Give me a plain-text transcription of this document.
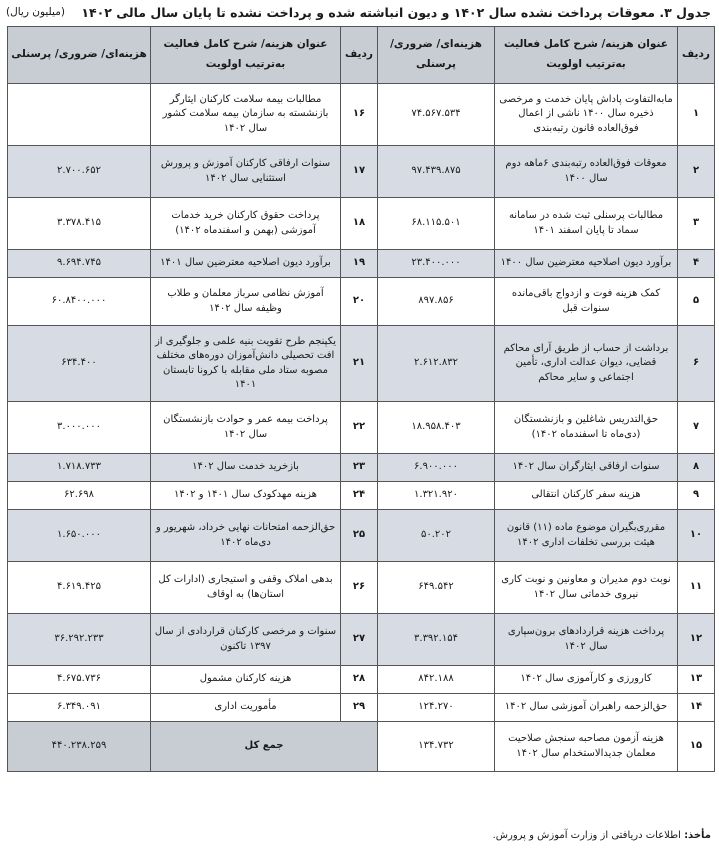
جدول ۳. معوقات پرداخت نشده سال ۱۴۰۲ و دیون انباشته شده و پرداخت نشده تا پایان سال مالی ۱۴۰۲
(میلیون ریال)
ردیف	عنوان هزینه/ شرح کامل فعالیت به‌ترتیب اولویت	هزینه‌ای/ ضروری/ پرسنلی	ردیف	عنوان هزینه/ شرح کامل فعالیت به‌ترتیب اولویت	هزینه‌ای/ ضروری/ پرسنلی
۱	مابه‌التفاوت پاداش پایان خدمت و مرخصی ذخیره سال ۱۴۰۰ ناشی از اعمال فوق‌العاده قانون رتبه‌بندی	۷۴.۵۶۷.۵۳۴	۱۶	مطالبات بیمه سلامت کارکنان ایثارگر بازنشسته به سازمان بیمه سلامت کشور سال ۱۴۰۲	
۲	معوقات فوق‌العاده رتبه‌بندی ۶ماهه دوم سال ۱۴۰۰	۹۷.۴۳۹.۸۷۵	۱۷	سنوات ارفاقی کارکنان آموزش و پرورش استثنایی سال ۱۴۰۲	۲.۷۰۰.۶۵۲
۳	مطالبات پرسنلی ثبت شده در سامانه سماد تا پایان اسفند ۱۴۰۱	۶۸.۱۱۵.۵۰۱	۱۸	پرداخت حقوق کارکنان خرید خدمات آموزشی (بهمن و اسفندماه ۱۴۰۲)	۳.۳۷۸.۴۱۵
۴	برآورد دیون اصلاحیه معترضین سال ۱۴۰۰	۲۳.۴۰۰.۰۰۰	۱۹	برآورد دیون اصلاحیه معترضین سال ۱۴۰۱	۹.۶۹۴.۷۴۵
۵	کمک هزینه فوت و ازدواج باقی‌مانده سنوات قبل	۸۹۷.۸۵۶	۲۰	آموزش نظامی سرباز معلمان و طلاب وظیفه سال ۱۴۰۲	۶۰.۸۴۰۰.۰۰۰
۶	برداشت از حساب از طریق آرای محاکم قضایی، دیوان عدالت اداری، تأمین اجتماعی و سایر محاکم	۲.۶۱۲.۸۳۲	۲۱	یکپنجم طرح تقویت بنیه علمی و جلوگیری از افت تحصیلی دانش‌آموزان دوره‌های مختلف مصوبه ستاد ملی مقابله با کرونا تابستان ۱۴۰۱	۶۳۴.۴۰۰
۷	حق‌التدریس شاغلین و بازنشستگان (دی‌ماه تا اسفندماه ۱۴۰۲)	۱۸.۹۵۸.۴۰۳	۲۲	پرداخت بیمه عمر و حوادث بازنشستگان سال ۱۴۰۲	۳.۰۰۰.۰۰۰
۸	سنوات ارفاقی ایثارگران سال ۱۴۰۲	۶.۹۰۰.۰۰۰	۲۳	بازخرید خدمت سال ۱۴۰۲	۱.۷۱۸.۷۳۳
۹	هزینه سفر کارکنان انتقالی	۱.۳۲۱.۹۲۰	۲۴	هزینه مهدکودک سال ۱۴۰۱ و ۱۴۰۲	۶۲.۶۹۸
۱۰	مقرری‌بگیران موضوع ماده (۱۱) قانون هیئت بررسی تخلفات اداری ۱۴۰۲	۵۰.۲۰۲	۲۵	حق‌الزحمه امتحانات نهایی خرداد، شهریور و دی‌ماه ۱۴۰۲	۱.۶۵۰.۰۰۰
۱۱	نوبت دوم مدیران و معاونین و نوبت کاری نیروی خدماتی سال ۱۴۰۲	۶۴۹.۵۴۲	۲۶	بدهی املاک وقفی و استیجاری (ادارات کل استان‌ها) به اوقاف	۴.۶۱۹.۴۲۵
۱۲	پرداخت هزینه قراردادهای برون‌سپاری سال ۱۴۰۲	۳.۳۹۲.۱۵۴	۲۷	سنوات و مرخصی کارکنان قراردادی از سال ۱۳۹۷ تاکنون	۳۶.۲۹۲.۲۳۳
۱۳	کارورزی و کارآموزی سال ۱۴۰۲	۸۴۲.۱۸۸	۲۸	هزینه کارکنان مشمول	۴.۶۷۵.۷۳۶
۱۴	حق‌الزحمه راهبران آموزشی سال ۱۴۰۲	۱۲۴.۲۷۰	۲۹	مأموریت اداری	۶.۳۴۹.۰۹۱
۱۵	هزینه آزمون مصاحبه سنجش صلاحیت معلمان جدیدالاستخدام سال ۱۴۰۲	۱۳۴.۷۳۲	جمع کل		۴۴۰.۲۳۸.۲۵۹
مأخذ: اطلاعات دریافتی از وزارت آموزش و پرورش.
